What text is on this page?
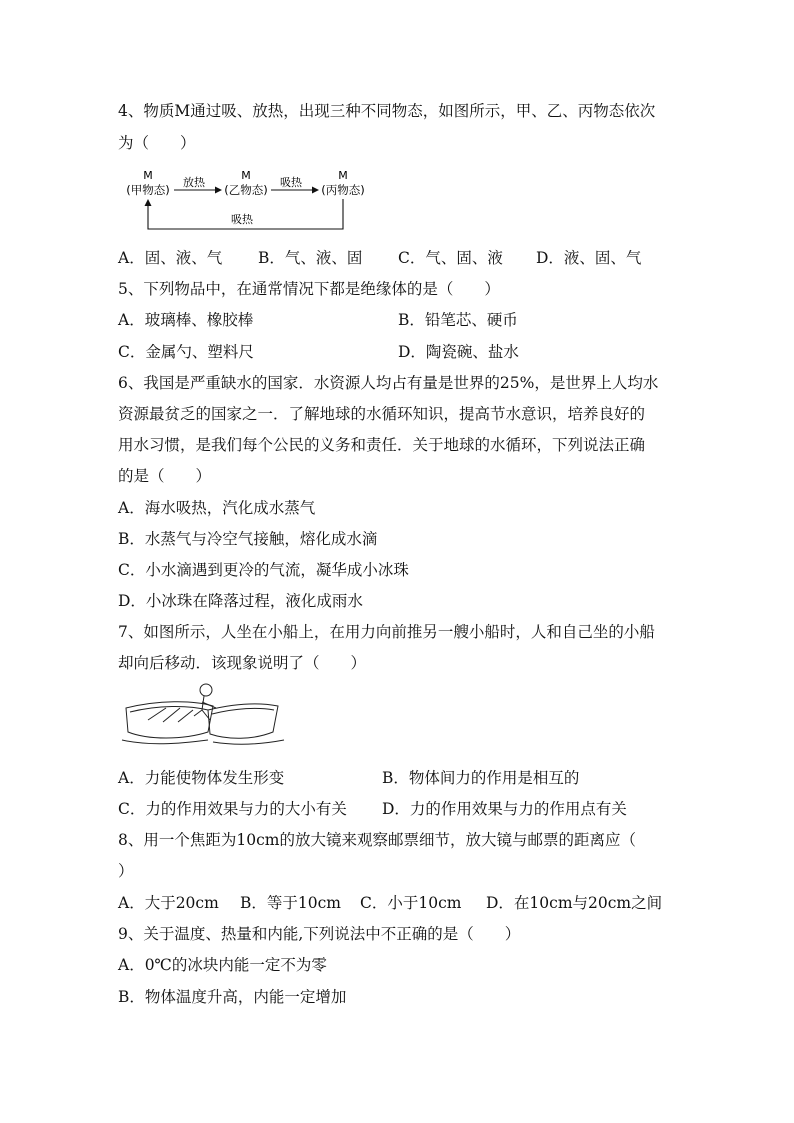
4、物质M通过吸、放热，出现三种不同物态，如图所示，甲、乙、丙物态依次
为（　　）
M
(甲物态)
放热
M
(乙物态)
吸热
M
(丙物态)
吸热
A．固、液、气 B．气、液、固 C．气、固、液 D．液、固、气
5、下列物品中，在通常情况下都是绝缘体的是（　　）
A．玻璃棒、橡胶棒	B．铅笔芯、硬币
C．金属勺、塑料尺	D．陶瓷碗、盐水
6、我国是严重缺水的国家．水资源人均占有量是世界的25%，是世界上人均水
资源最贫乏的国家之一．了解地球的水循环知识，提高节水意识，培养良好的
用水习惯，是我们每个公民的义务和责任．关于地球的水循环，下列说法正确
的是（　　）
A．海水吸热，汽化成水蒸气
B．水蒸气与冷空气接触，熔化成水滴
C．小水滴遇到更冷的气流，凝华成小冰珠
D．小冰珠在降落过程，液化成雨水
7、如图所示，人坐在小船上，在用力向前推另一艘小船时，人和自己坐的小船
却向后移动．该现象说明了（　　）
A．力能使物体发生形变	B．物体间力的作用是相互的
C．力的作用效果与力的大小有关 D．力的作用效果与力的作用点有关
8、用一个焦距为10cm的放大镜来观察邮票细节，放大镜与邮票的距离应（
）
A．大于20cm B．等于10cm C．小于10cm D．在10cm与20cm之间
9、关于温度、热量和内能,下列说法中不正确的是（　　）
A．0℃的冰块内能一定不为零
B．物体温度升高，内能一定增加
